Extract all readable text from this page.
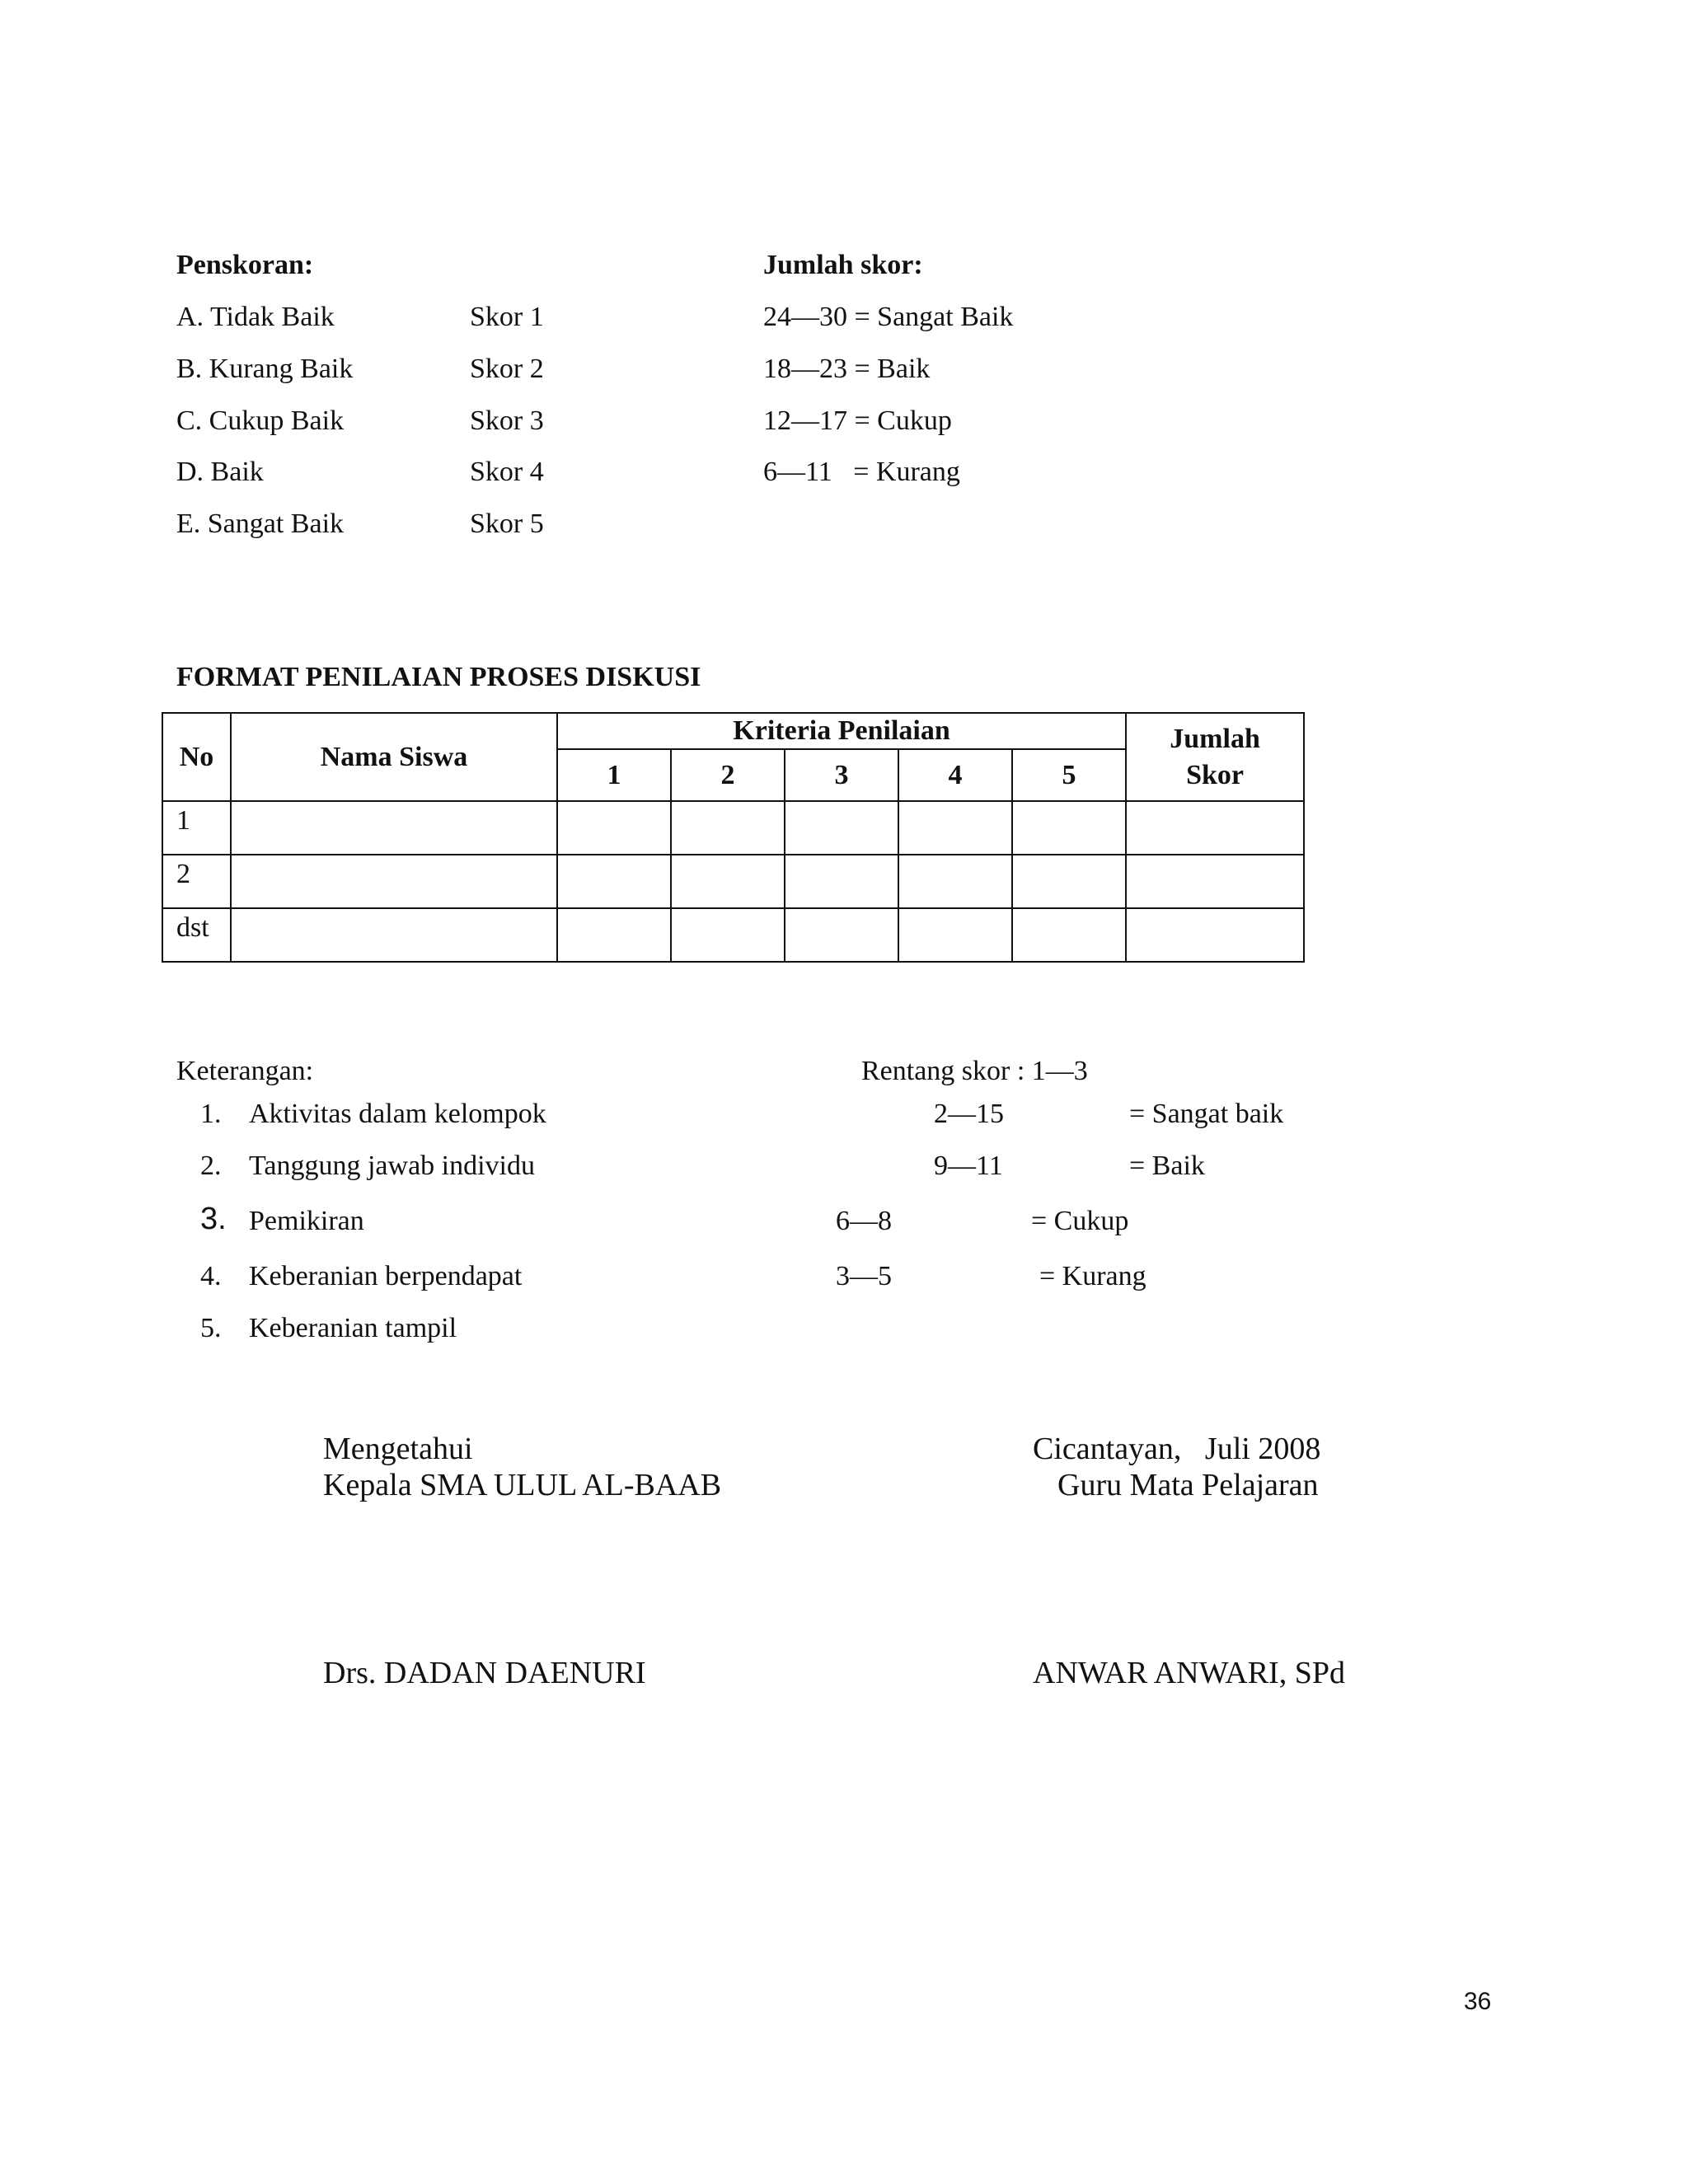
Penskoran:
A. Tidak Baik	Skor 1
B. Kurang Baik	Skor 2
C. Cukup Baik	Skor 3
D. Baik	Skor 4
E. Sangat Baik	Skor 5
Jumlah skor:
24—30 = Sangat Baik
18—23 = Baik
12—17 = Cukup
6—11   = Kurang
FORMAT PENILAIAN PROSES DISKUSI
No	Nama Siswa	Kriteria Penilaian					Jumlah
Skor

		1	2	3	4	5	
1							
2							
dst							
Keterangan:	Rentang skor : 1—3
1. Aktivitas dalam kelompok	2—15	= Sangat baik
2. Tanggung jawab individu	9—11	= Baik
3. Pemikiran	6—8	= Cukup
4. Keberanian berpendapat	3—5	= Kurang
5. Keberanian tampil
Mengetahui
Kepala SMA ULUL AL-BAAB
Drs. DADAN DAENURI
Cicantayan,   Juli 2008
Guru Mata Pelajaran
ANWAR ANWARI, SPd
36
